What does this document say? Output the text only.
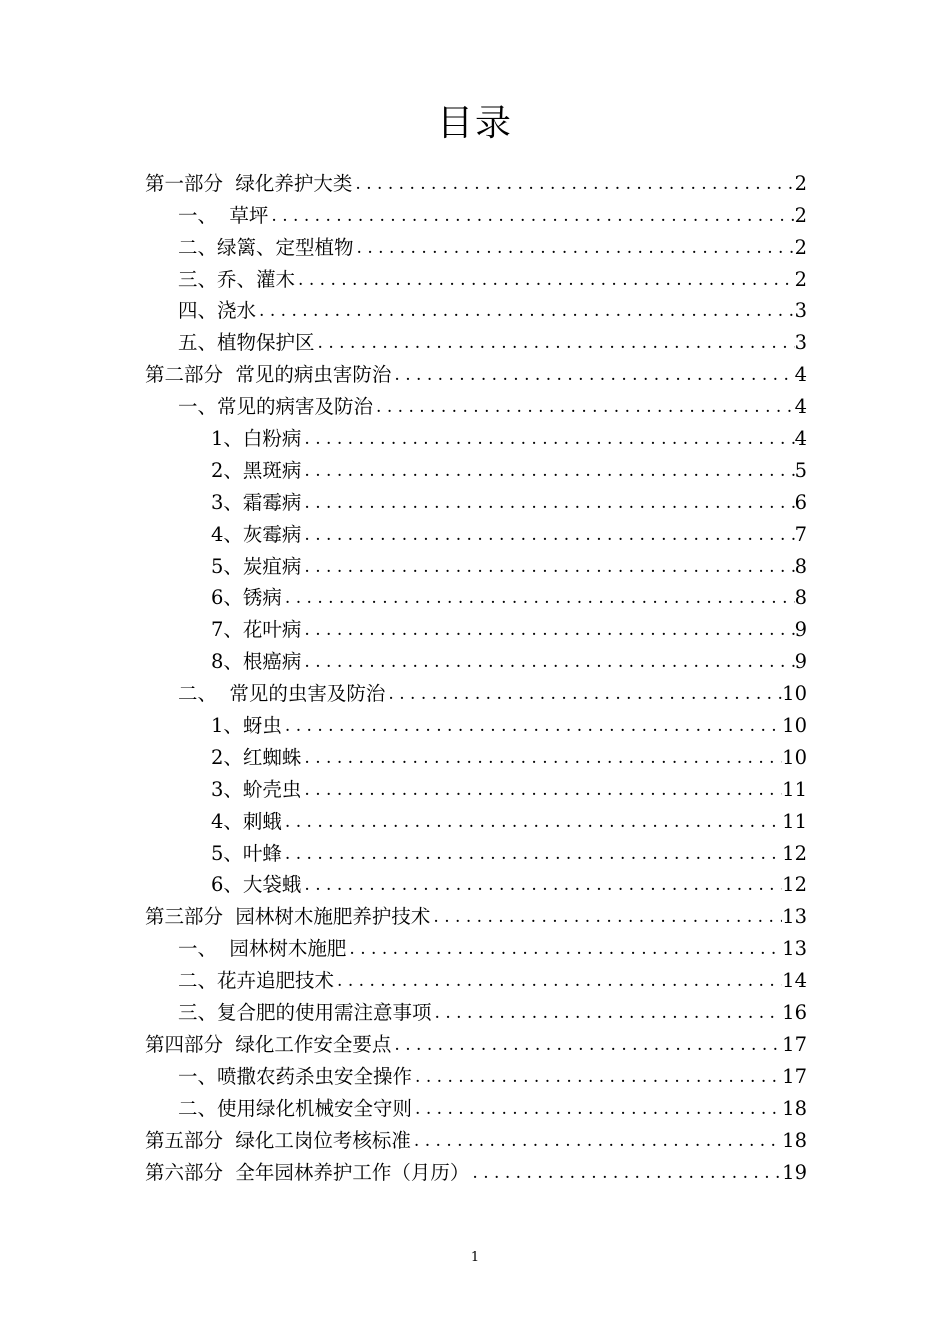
目录
第一部分  绿化养护大类 . . .	2
一、  草坪 . . .	2
二、绿篱、定型植物 . . .	2
三、乔、灌木 . . .	2
四、浇水 . . .	3
五、植物保护区 . . .	3
第二部分  常见的病虫害防治 . . .	4
一、常见的病害及防治 . . .	4
1、白粉病 . . .	4
2、黑斑病 . . .	5
3、霜霉病 . . .	6
4、灰霉病 . . .	7
5、炭疽病 . . .	8
6、锈病 . . .	8
7、花叶病 . . .	9
8、根癌病 . . .	9
二、  常见的虫害及防治 . . .	10
1、蚜虫 . . .	10
2、红蜘蛛 . . .	10
3、蚧壳虫 . . .	11
4、刺蛾 . . .	11
5、叶蜂 . . .	12
6、大袋蛾 . . .	12
第三部分  园林树木施肥养护技术 . . .	13
一、  园林树木施肥 . . .	13
二、花卉追肥技术 . . .	14
三、复合肥的使用需注意事项 . . .	16
第四部分  绿化工作安全要点 . . .	17
一、喷撒农药杀虫安全操作 . . .	17
二、使用绿化机械安全守则 . . .	18
第五部分  绿化工岗位考核标准 . . .	18
第六部分  全年园林养护工作（月历） . . .	19
1
